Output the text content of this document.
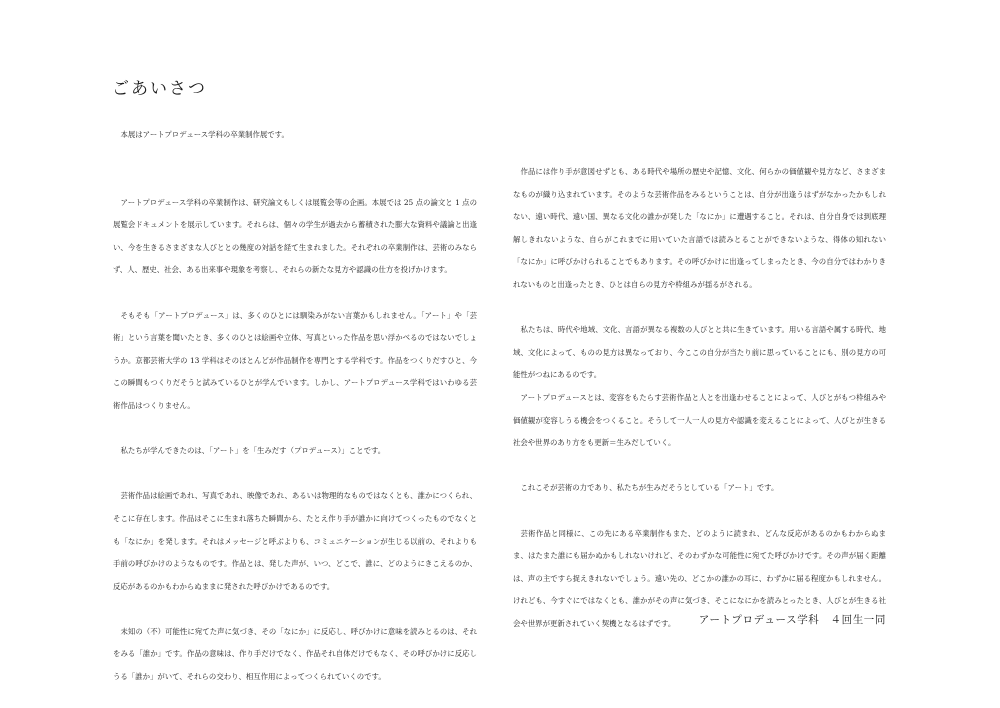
ごあいさつ

本展はアートプロデュース学科の卒業制作展です。

アートプロデュース学科の卒業制作は、研究論文もしくは展覧会等の企画。本展では 25 点の論文と 1 点の展覧会ドキュメントを展示しています。それらは、個々の学生が過去から蓄積された膨大な資料や議論と出逢い、今を生きるさまざまな人びととの幾度の対話を経て生まれました。それぞれの卒業制作は、芸術のみならず、人、歴史、社会、ある出来事や現象を考察し、それらの新たな見方や認識の仕方を投げかけます。

そもそも「アートプロデュース」は、多くのひとには馴染みがない言葉かもしれません。「アート」や「芸術」という言葉を聞いたとき、多くのひとは絵画や立体、写真といった作品を思い浮かべるのではないでしょうか。京都芸術大学の 13 学科はそのほとんどが作品制作を専門とする学科です。作品をつくりだすひと、今この瞬間もつくりだそうと試みているひとが学んでいます。しかし、アートプロデュース学科ではいわゆる芸術作品はつくりません。

私たちが学んできたのは、「アート」を「生みだす（プロデュース）」ことです。

芸術作品は絵画であれ、写真であれ、映像であれ、あるいは物理的なものではなくとも、誰かにつくられ、そこに存在します。作品はそこに生まれ落ちた瞬間から、たとえ作り手が誰かに向けてつくったものでなくとも「なにか」を発します。それはメッセージと呼ぶよりも、コミュニケーションが生じる以前の、それよりも手前の呼びかけのようなものです。作品とは、発した声が、いつ、どこで、誰に、どのようにきこえるのか、反応があるのかもわからぬままに発された呼びかけであるのです。

未知の（不）可能性に宛てた声に気づき、その「なにか」に反応し、呼びかけに意味を読みとるのは、それをみる「誰か」です。作品の意味は、作り手だけでなく、作品それ自体だけでもなく、その呼びかけに反応しうる「誰か」がいて、それらの交わり、相互作用によってつくられていくのです。

作品には作り手が意図せずとも、ある時代や場所の歴史や記憶、文化、何らかの価値観や見方など、さまざまなものが織り込まれています。そのような芸術作品をみるということは、自分が出逢うはずがなかったかもしれない、遠い時代、遠い国、異なる文化の誰かが発した「なにか」に遭遇すること。それは、自分自身では到底理解しきれないような、自らがこれまでに用いていた言語では読みとることができないような、得体の知れない「なにか」に呼びかけられることでもあります。その呼びかけに出逢ってしまったとき、今の自分ではわかりきれないものと出逢ったとき、ひとは自らの見方や枠組みが揺るがされる。

私たちは、時代や地域、文化、言語が異なる複数の人びとと共に生きています。用いる言語や属する時代、地域、文化によって、ものの見方は異なっており、今ここの自分が当たり前に思っていることにも、別の見方の可能性がつねにあるのです。

アートプロデュースとは、変容をもたらす芸術作品と人とを出逢わせることによって、人びとがもつ枠組みや価値観が変容しうる機会をつくること。そうして一人一人の見方や認識を変えることによって、人びとが生きる社会や世界のあり方をも更新＝生みだしていく。

これこそが芸術の力であり、私たちが生みだそうとしている「アート」です。

芸術作品と同様に、この先にある卒業制作もまた、どのように読まれ、どんな反応があるのかもわからぬまま、はたまた誰にも届かぬかもしれないけれど、そのわずかな可能性に宛てた呼びかけです。その声が届く距離は、声の主ですら捉えきれないでしょう。遠い先の、どこかの誰かの耳に、わずかに届る程度かもしれません。けれども、今すぐにではなくとも、誰かがその声に気づき、そこになにかを読みとったとき、人びとが生きる社会や世界が更新されていく契機となるはずです。	アートプロデュース学科　４回生一同
